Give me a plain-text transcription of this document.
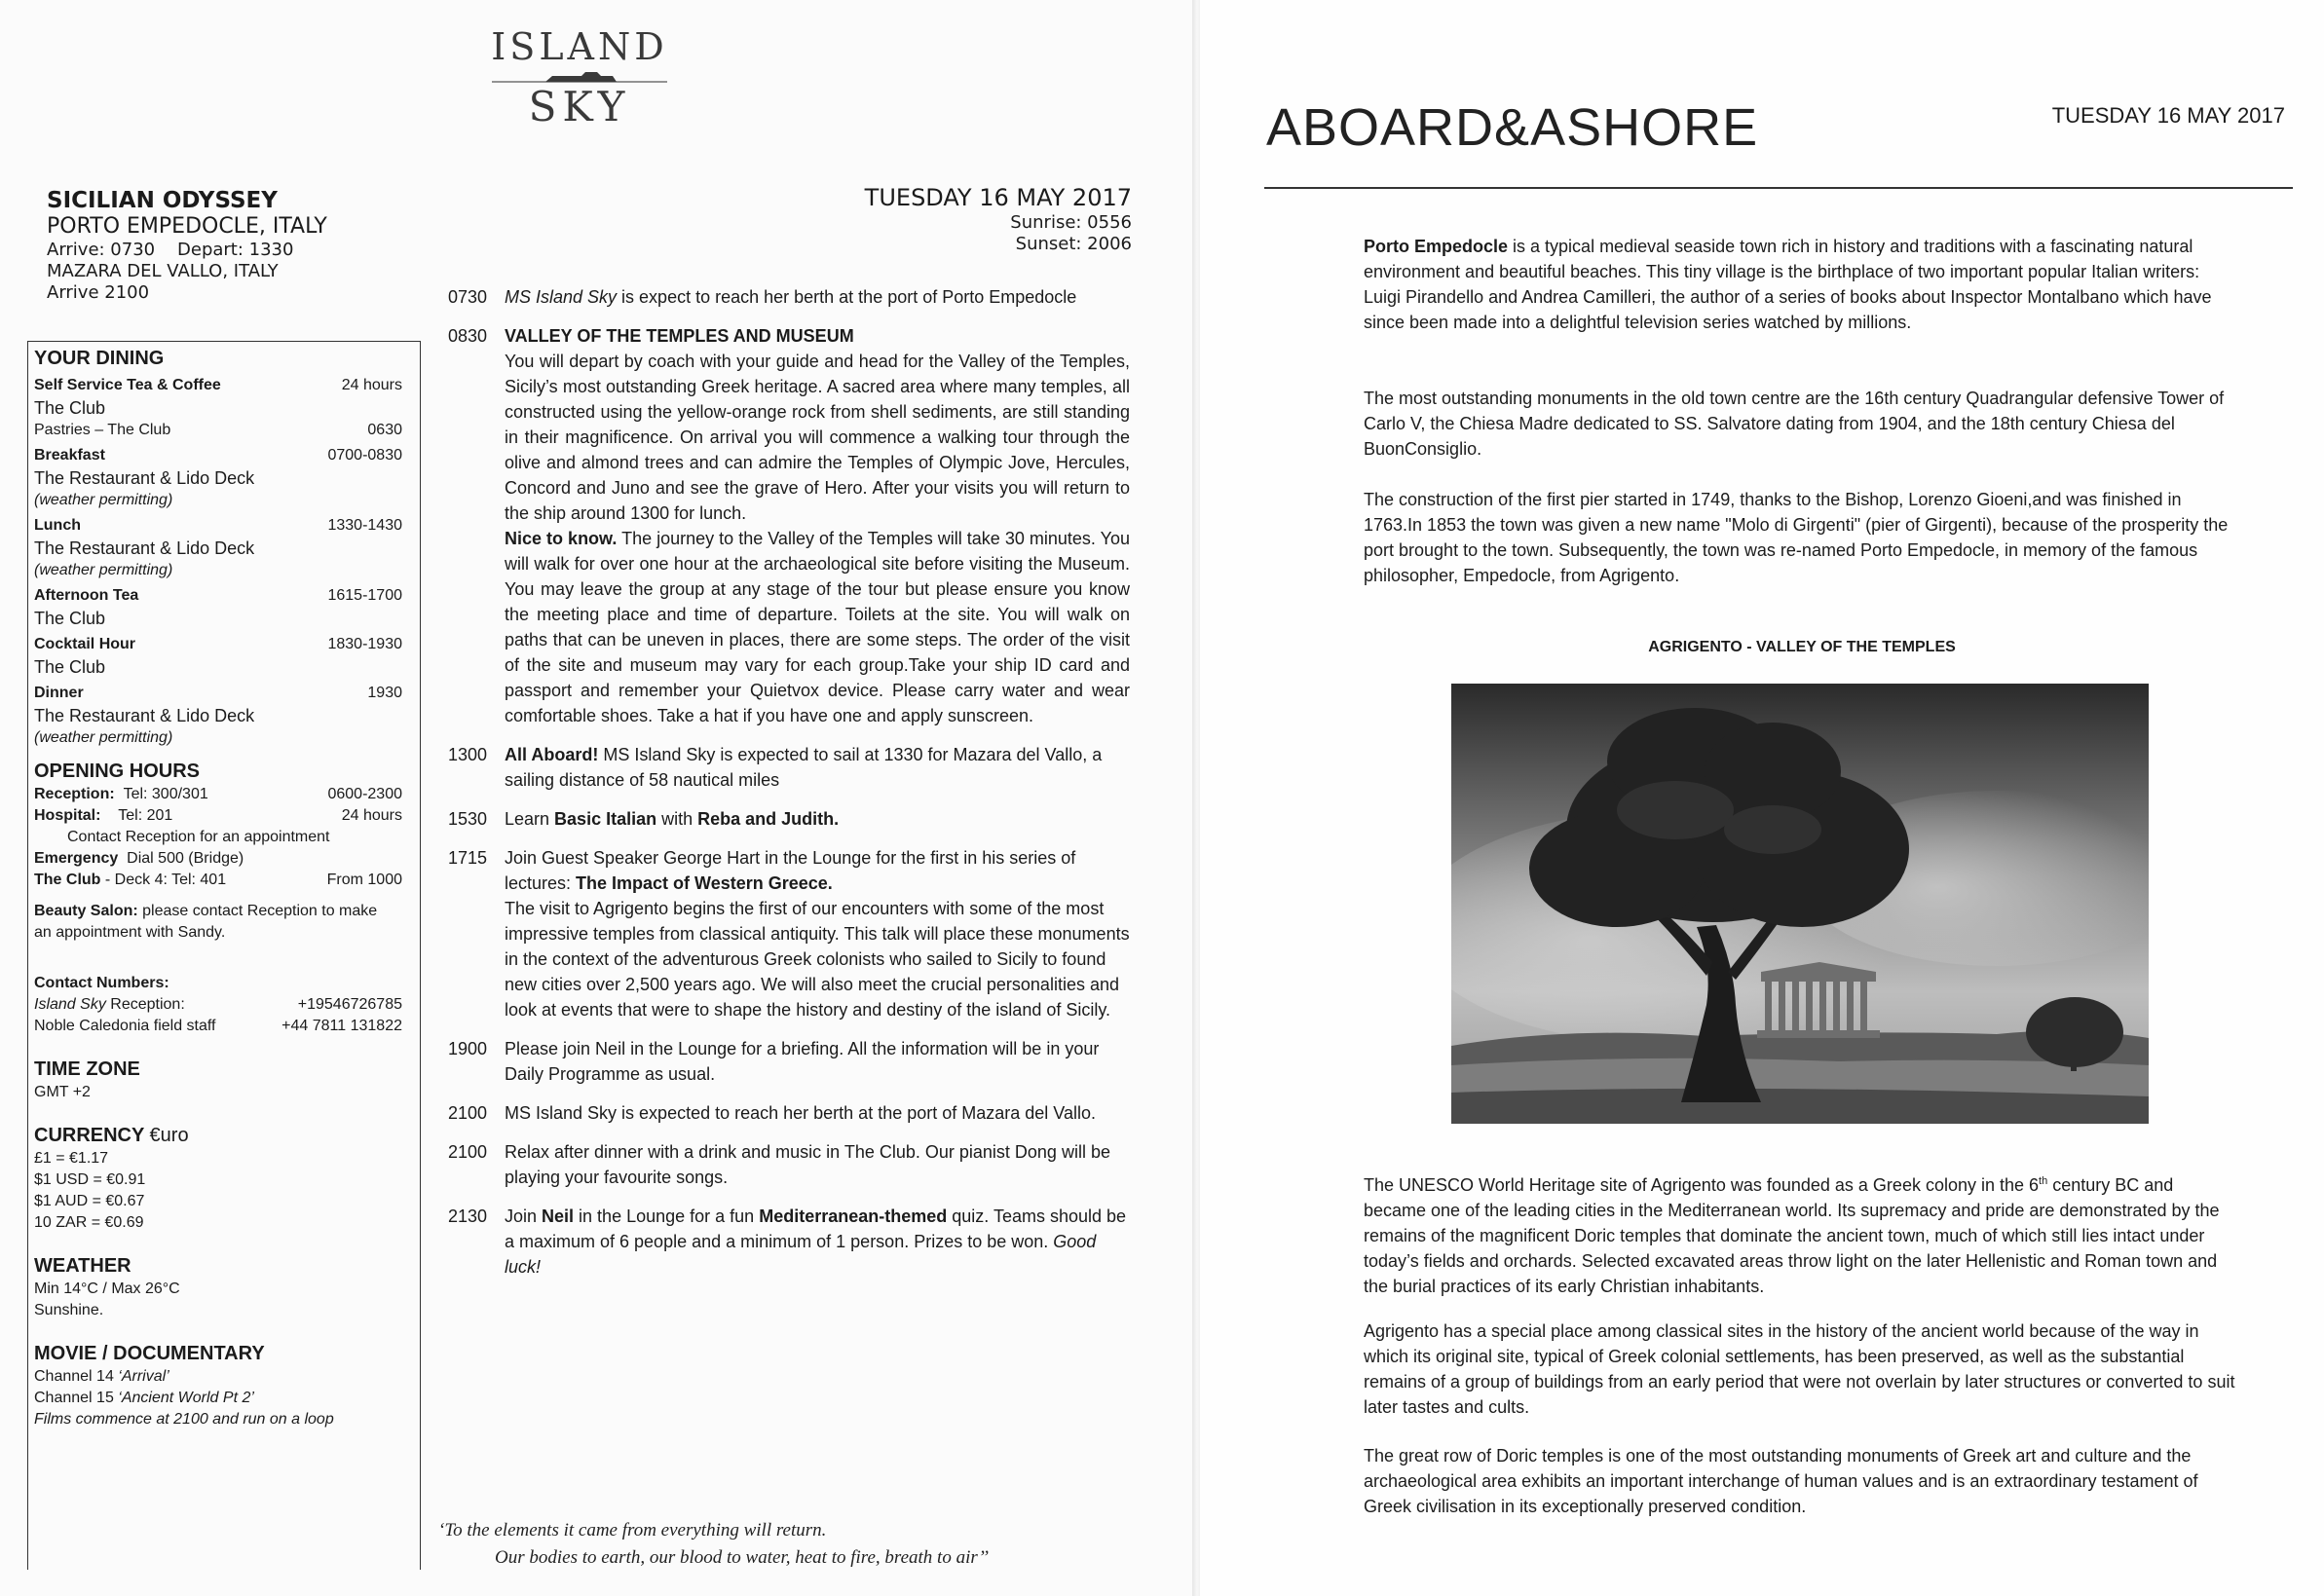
ISLAND
SKY
SICILIAN ODYSSEY
PORTO EMPEDOCLE, ITALY
Arrive: 0730    Depart: 1330
MAZARA DEL VALLO, ITALY
Arrive 2100
TUESDAY 16 MAY 2017
Sunrise: 0556
Sunset: 2006
YOUR DINING
Self Service Tea & Coffee	24 hours
The Club
Pastries – The Club	0630
Breakfast	0700-0830
The Restaurant & Lido Deck
(weather permitting)
Lunch	1330-1430
The Restaurant & Lido Deck
(weather permitting)
Afternoon Tea	1615-1700
The Club
Cocktail Hour	1830-1930
The Club
Dinner	1930
The Restaurant & Lido Deck
(weather permitting)
OPENING HOURS
Reception: Tel: 300/301	0600-2300
Hospital: Tel: 201	24 hours
Contact Reception for an appointment
Emergency Dial 500 (Bridge)
The Club - Deck 4: Tel: 401	From 1000
Beauty Salon: please contact Reception to make
an appointment with Sandy.
Contact Numbers:
Island Sky Reception:	+19546726785
Noble Caledonia field staff	+44 7811 131822
TIME ZONE
GMT +2
CURRENCY €uro
£1 = €1.17
$1 USD = €0.91
$1 AUD = €0.67
10 ZAR = €0.69
WEATHER
Min 14°C / Max 26°C
Sunshine.
MOVIE / DOCUMENTARY
Channel 14 ‘Arrival’
Channel 15 ‘Ancient World Pt 2’
Films commence at 2100 and run on a loop
0730	MS Island Sky is expect to reach her berth at the port of Porto Empedocle
0830	VALLEY OF THE TEMPLES AND MUSEUM
You will depart by coach with your guide and head for the Valley of the Temples, Sicily’s most outstanding Greek heritage. A sacred area where many temples, all constructed using the yellow-orange rock from shell sediments, are still standing in their magnificence. On arrival you will commence a walking tour through the olive and almond trees and can admire the Temples of Olympic Jove, Hercules, Concord and Juno and see the grave of Hero. After your visits you will return to the ship around 1300 for lunch.
Nice to know. The journey to the Valley of the Temples will take 30 minutes. You will walk for over one hour at the archaeological site before visiting the Museum. You may leave the group at any stage of the tour but please ensure you know the meeting place and time of departure. Toilets at the site. You will walk on paths that can be uneven in places, there are some steps. The order of the visit of the site and museum may vary for each group.Take your ship ID card and passport and remember your Quietvox device. Please carry water and wear comfortable shoes. Take a hat if you have one and apply sunscreen.
1300	All Aboard! MS Island Sky is expected to sail at 1330 for Mazara del Vallo, a sailing distance of 58 nautical miles
1530	Learn Basic Italian with Reba and Judith.
1715	Join Guest Speaker George Hart in the Lounge for the first in his series of lectures: The Impact of Western Greece.
The visit to Agrigento begins the first of our encounters with some of the most impressive temples from classical antiquity. This talk will place these monuments in the context of the adventurous Greek colonists who sailed to Sicily to found new cities over 2,500 years ago. We will also meet the crucial personalities and look at events that were to shape the history and destiny of the island of Sicily.
1900	Please join Neil in the Lounge for a briefing. All the information will be in your Daily Programme as usual.
2100	MS Island Sky is expected to reach her berth at the port of Mazara del Vallo.
2100	Relax after dinner with a drink and music in The Club. Our pianist Dong will be playing your favourite songs.
2130	Join Neil in the Lounge for a fun Mediterranean-themed quiz. Teams should be a maximum of 6 people and a minimum of 1 person. Prizes to be won. Good luck!
‘To the elements it came from everything will return.
Our bodies to earth, our blood to water, heat to fire, breath to air’’
ABOARD&ASHORE	TUESDAY 16 MAY 2017
Porto Empedocle is a typical medieval seaside town rich in history and traditions with a fascinating natural environment and beautiful beaches. This tiny village is the birthplace of two important popular Italian writers: Luigi Pirandello and Andrea Camilleri, the author of a series of books about Inspector Montalbano which have since been made into a delightful television series watched by millions.
The most outstanding monuments in the old town centre are the 16th century Quadrangular defensive Tower of Carlo V, the Chiesa Madre dedicated to SS. Salvatore dating from 1904, and the 18th century Chiesa del BuonConsiglio.
The construction of the first pier started in 1749, thanks to the Bishop, Lorenzo Gioeni,and was finished in 1763.In 1853 the town was given a new name "Molo di Girgenti" (pier of Girgenti), because of the prosperity the port brought to the town. Subsequently, the town was re-named Porto Empedocle, in memory of the famous philosopher, Empedocle, from Agrigento.
AGRIGENTO - VALLEY OF THE TEMPLES
The UNESCO World Heritage site of Agrigento was founded as a Greek colony in the 6th century BC and became one of the leading cities in the Mediterranean world. Its supremacy and pride are demonstrated by the remains of the magnificent Doric temples that dominate the ancient town, much of which still lies intact under today’s fields and orchards. Selected excavated areas throw light on the later Hellenistic and Roman town and the burial practices of its early Christian inhabitants.
Agrigento has a special place among classical sites in the history of the ancient world because of the way in which its original site, typical of Greek colonial settlements, has been preserved, as well as the substantial remains of a group of buildings from an early period that were not overlain by later structures or converted to suit later tastes and cults.
The great row of Doric temples is one of the most outstanding monuments of Greek art and culture and the archaeological area exhibits an important interchange of human values and is an extraordinary testament of Greek civilisation in its exceptionally preserved condition.
